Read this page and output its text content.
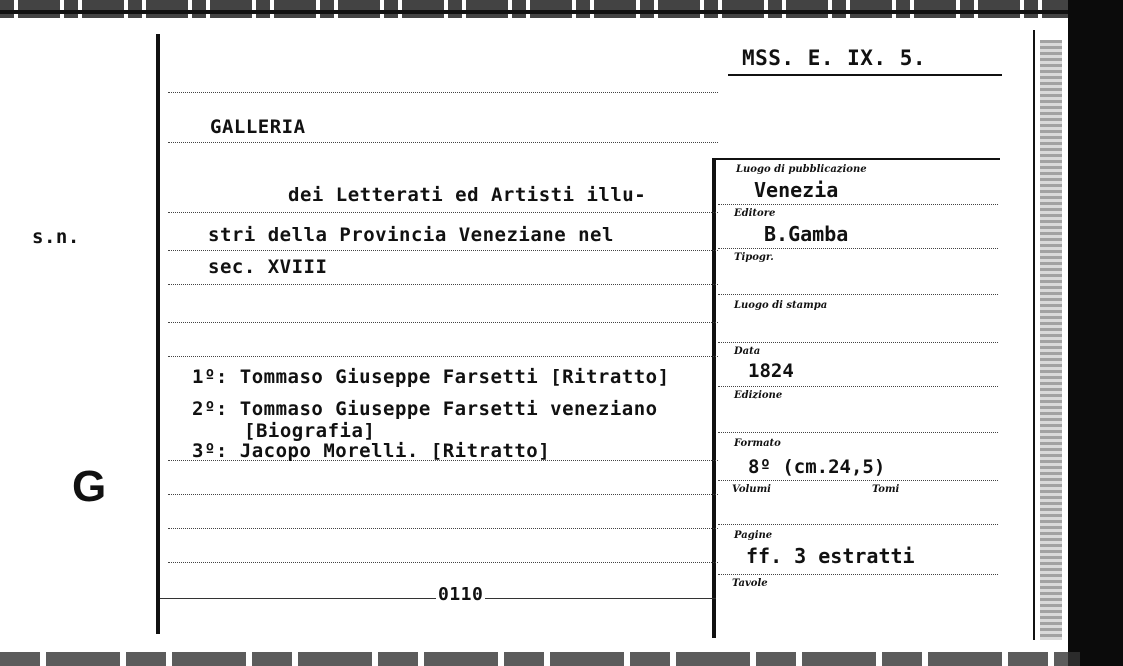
MSS. E. IX. 5.
s.n.
G
GALLERIA
dei Letterati ed Artisti illu-
stri della Provincia Veneziane nel
sec. XVIII
1º: Tommaso Giuseppe Farsetti [Ritratto]
2º: Tommaso Giuseppe Farsetti veneziano
[Biografia]
3º: Jacopo Morelli. [Ritratto]
0110
Luogo di pubblicazione
Venezia
Editore
B.Gamba
Tipogr.
Luogo di stampa
Data
1824
Edizione
Formato
8º (cm.24,5)
Volumi	Tomi
Pagine
ff. 3 estratti
Tavole
